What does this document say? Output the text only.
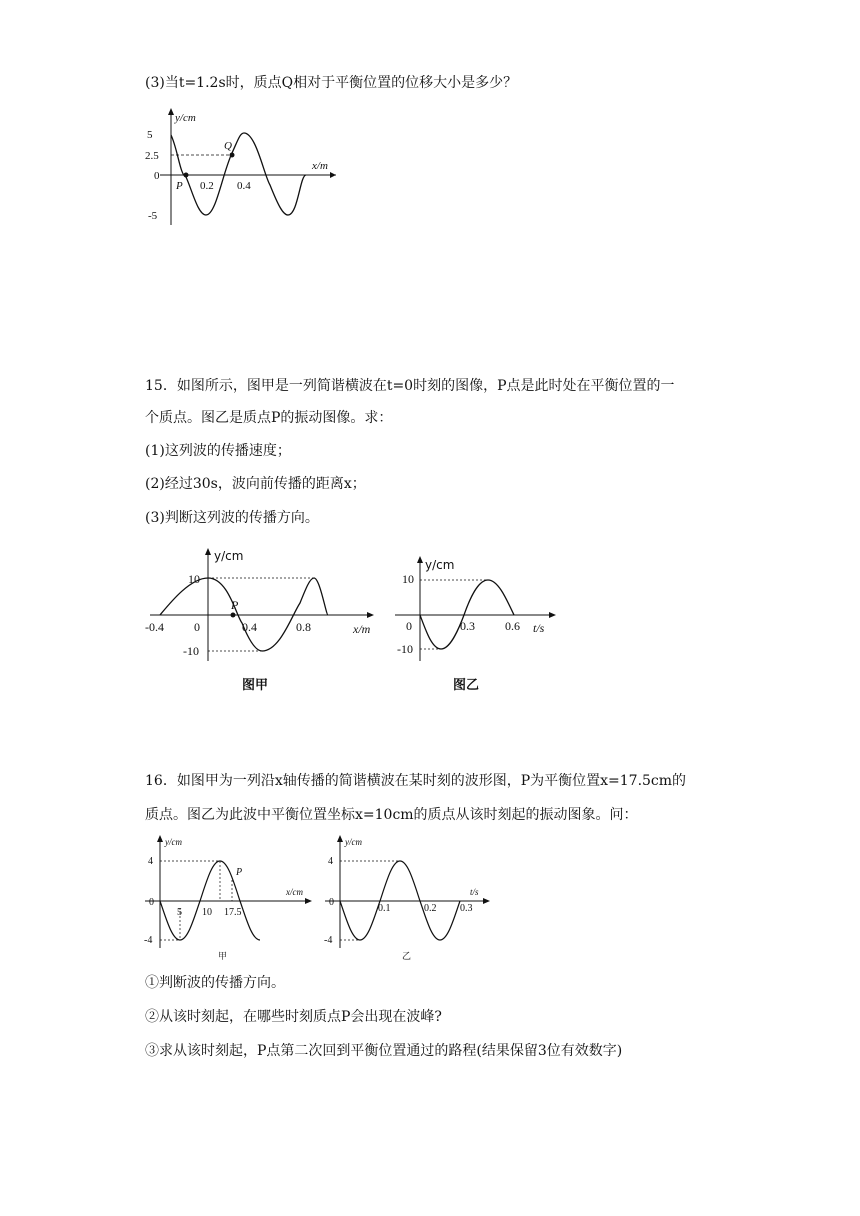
(3)当t=1.2s时，质点Q相对于平衡位置的位移大小是多少？
y/cm
x/m
5
2.5
0
-5
0.2 0.4
P
Q
15．如图所示，图甲是一列简谐横波在t=0时刻的图像，P点是此时处在平衡位置的一
个质点。图乙是质点P的振动图像。求：
(1)这列波的传播速度；
(2)经过30s，波向前传播的距离x；
(3)判断这列波的传播方向。
y/cm
x/m
10
-10
-0.4	0	0.4	0.8
P
图甲
y/cm
t/s
10
-10
0	0.3	0.6
图乙
16．如图甲为一列沿x轴传播的简谐横波在某时刻的波形图，P为平衡位置x=17.5cm的
质点。图乙为此波中平衡位置坐标x=10cm的质点从该时刻起的振动图象。问：
y/cm
x/cm
4
0
-4
5 10 17.5
P
甲
y/cm
t/s
4
0
-4
0.1	0.2 0.3
乙
①判断波的传播方向。
②从该时刻起，在哪些时刻质点P会出现在波峰?
③求从该时刻起，P点第二次回到平衡位置通过的路程(结果保留3位有效数字)
